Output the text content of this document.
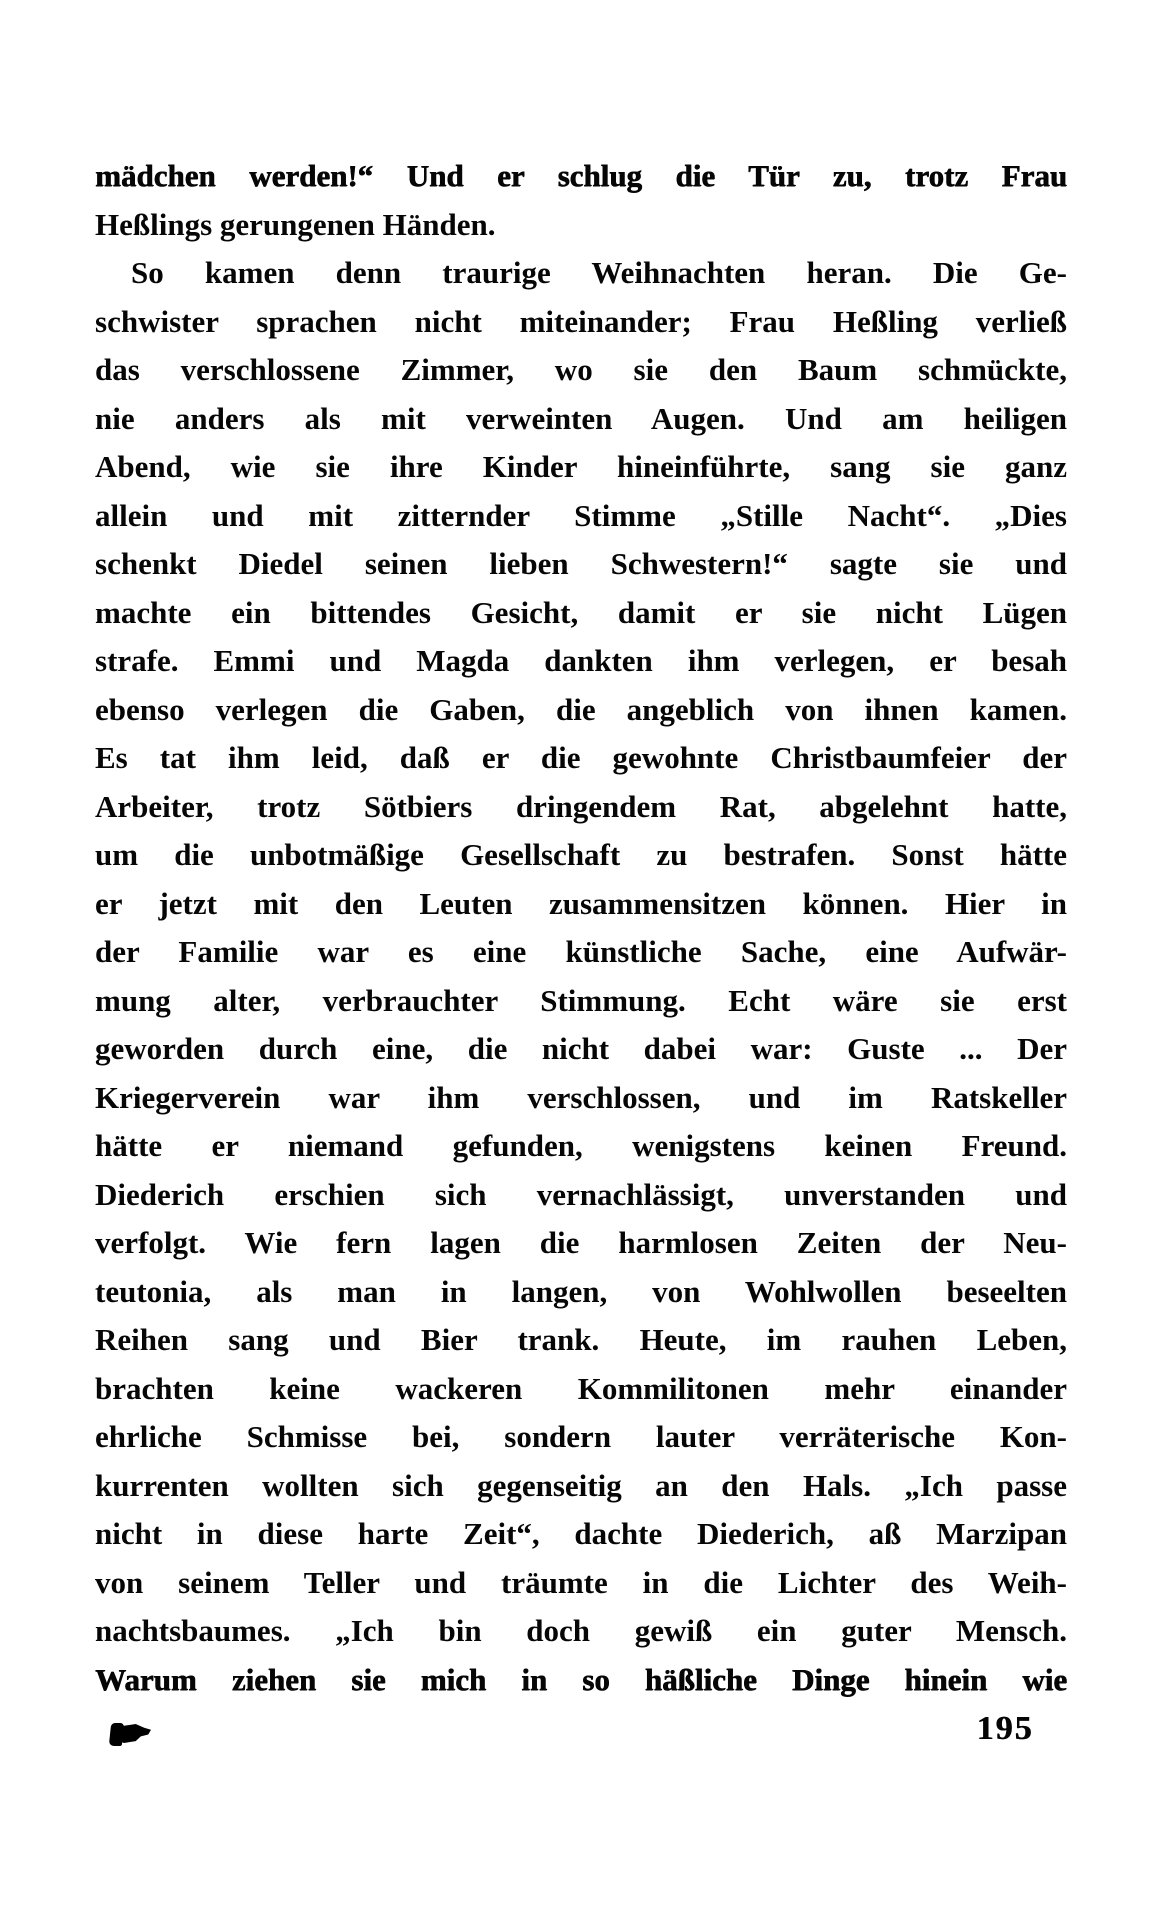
mädchen werden!“ Und er schlug die Tür zu, trotz Frau
Heßlings gerungenen Händen.
So kamen denn traurige Weihnachten heran. Die Ge-
schwister sprachen nicht miteinander; Frau Heßling verließ
das verschlossene Zimmer, wo sie den Baum schmückte,
nie anders als mit verweinten Augen. Und am heiligen
Abend, wie sie ihre Kinder hineinführte, sang sie ganz
allein und mit zitternder Stimme „Stille Nacht“. „Dies
schenkt Diedel seinen lieben Schwestern!“ sagte sie und
machte ein bittendes Gesicht, damit er sie nicht Lügen
strafe. Emmi und Magda dankten ihm verlegen, er besah
ebenso verlegen die Gaben, die angeblich von ihnen kamen.
Es tat ihm leid, daß er die gewohnte Christbaumfeier der
Arbeiter, trotz Sötbiers dringendem Rat, abgelehnt hatte,
um die unbotmäßige Gesellschaft zu bestrafen. Sonst hätte
er jetzt mit den Leuten zusammensitzen können. Hier in
der Familie war es eine künstliche Sache, eine Aufwär-
mung alter, verbrauchter Stimmung. Echt wäre sie erst
geworden durch eine, die nicht dabei war: Guste ... Der
Kriegerverein war ihm verschlossen, und im Ratskeller
hätte er niemand gefunden, wenigstens keinen Freund.
Diederich erschien sich vernachlässigt, unverstanden und
verfolgt. Wie fern lagen die harmlosen Zeiten der Neu-
teutonia, als man in langen, von Wohlwollen beseelten
Reihen sang und Bier trank. Heute, im rauhen Leben,
brachten keine wackeren Kommilitonen mehr einander
ehrliche Schmisse bei, sondern lauter verräterische Kon-
kurrenten wollten sich gegenseitig an den Hals. „Ich passe
nicht in diese harte Zeit“, dachte Diederich, aß Marzipan
von seinem Teller und träumte in die Lichter des Weih-
nachtsbaumes. „Ich bin doch gewiß ein guter Mensch.
Warum ziehen sie mich in so häßliche Dinge hinein wie
195
